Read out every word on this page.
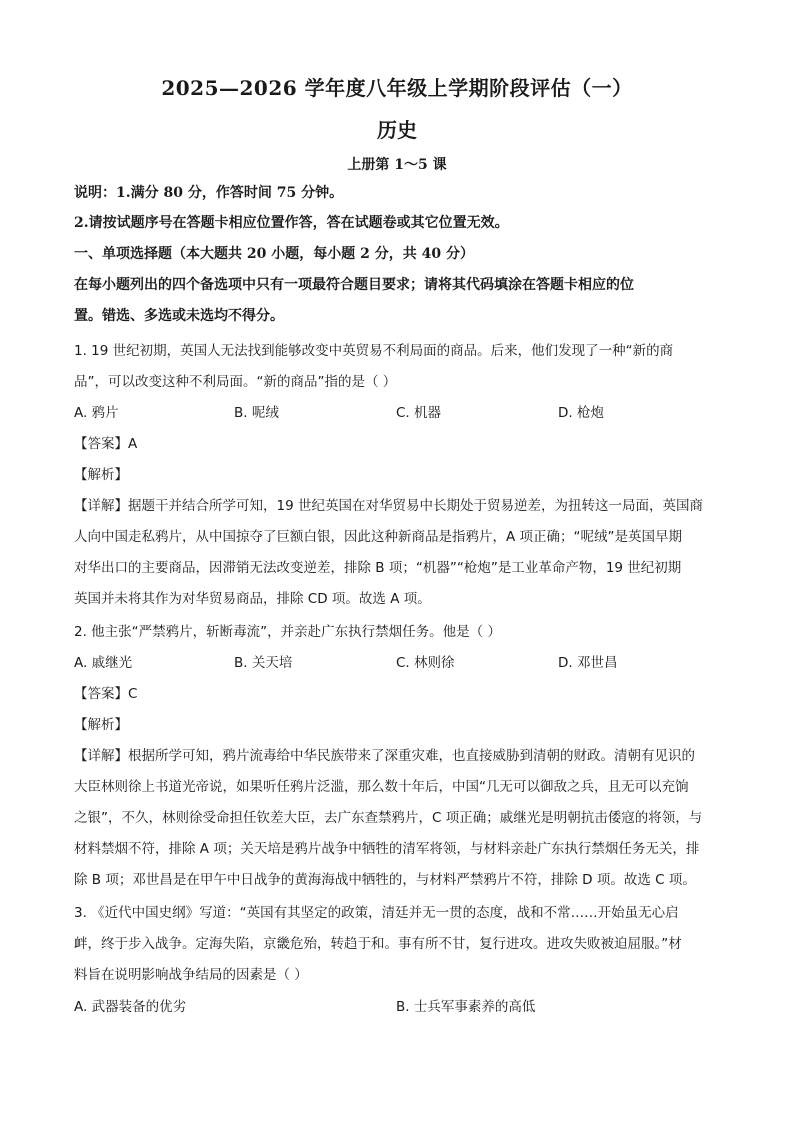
2025—2026 学年度八年级上学期阶段评估（一）
历史
上册第 1～5 课
说明：1.满分 80 分，作答时间 75 分钟。
2.请按试题序号在答题卡相应位置作答，答在试题卷或其它位置无效。
一、单项选择题（本大题共 20 小题，每小题 2 分，共 40 分）
在每小题列出的四个备选项中只有一项最符合题目要求；请将其代码填涂在答题卡相应的位
置。错选、多选或未选均不得分。
1. 19 世纪初期，英国人无法找到能够改变中英贸易不利局面的商品。后来，他们发现了一种“新的商
品”，可以改变这种不利局面。“新的商品”指的是（ ）
A. 鸦片	B. 呢绒	C. 机器	D. 枪炮
【答案】A
【解析】
【详解】据题干并结合所学可知，19 世纪英国在对华贸易中长期处于贸易逆差，为扭转这一局面，英国商
人向中国走私鸦片，从中国掠夺了巨额白银，因此这种新商品是指鸦片，A 项正确；“呢绒”是英国早期
对华出口的主要商品，因滞销无法改变逆差，排除 B 项；“机器”“枪炮”是工业革命产物，19 世纪初期
英国并未将其作为对华贸易商品，排除 CD 项。故选 A 项。
2. 他主张“严禁鸦片，斩断毒流”，并亲赴广东执行禁烟任务。他是（ ）
A. 戚继光	B. 关天培	C. 林则徐	D. 邓世昌
【答案】C
【解析】
【详解】根据所学可知，鸦片流毒给中华民族带来了深重灾难，也直接威胁到清朝的财政。清朝有见识的
大臣林则徐上书道光帝说，如果听任鸦片泛滥，那么数十年后，中国“几无可以御敌之兵，且无可以充饷
之银”，不久，林则徐受命担任钦差大臣，去广东查禁鸦片，C 项正确；戚继光是明朝抗击倭寇的将领，与
材料禁烟不符，排除 A 项；关天培是鸦片战争中牺牲的清军将领，与材料亲赴广东执行禁烟任务无关，排
除 B 项；邓世昌是在甲午中日战争的黄海海战中牺牲的，与材料严禁鸦片不符，排除 D 项。故选 C 项。
3. 《近代中国史纲》写道：“英国有其坚定的政策，清廷并无一贯的态度，战和不常……开始虽无心启
衅，终于步入战争。定海失陷，京畿危殆，转趋于和。事有所不甘，复行进攻。进攻失败被迫屈服。”材
料旨在说明影响战争结局的因素是（ ）
A. 武器装备的优劣	B. 士兵军事素养的高低
